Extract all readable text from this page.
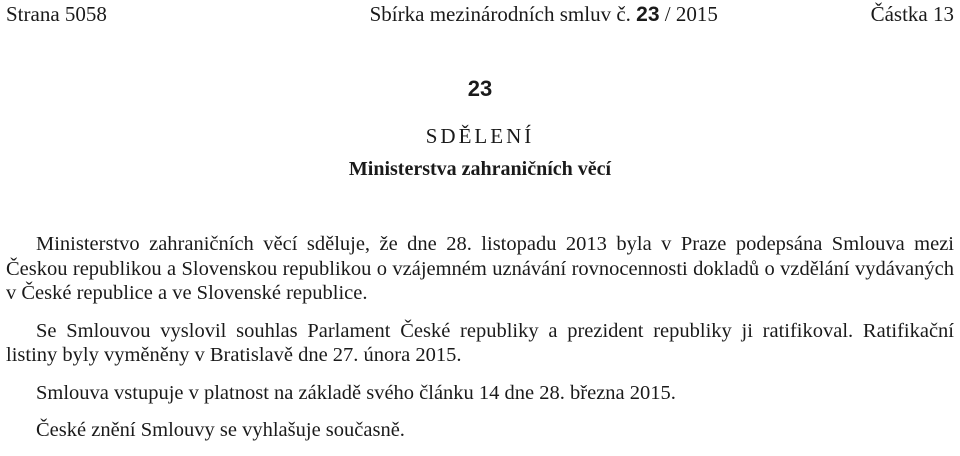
Strana 5058	Sbírka mezinárodních smluv č. 23 / 2015	Částka 13
23
SDĚLENÍ
Ministerstva zahraničních věcí

Ministerstvo zahraničních věcí sděluje, že dne 28. listopadu 2013 byla v Praze podepsána Smlouva mezi Českou republikou a Slovenskou republikou o vzájemném uznávání rovnocennosti dokladů o vzdělání vydávaných v České republice a ve Slovenské republice.

Se Smlouvou vyslovil souhlas Parlament České republiky a prezident republiky ji ratifikoval. Ratifikační listiny byly vyměněny v Bratislavě dne 27. února 2015.

Smlouva vstupuje v platnost na základě svého článku 14 dne 28. března 2015.

České znění Smlouvy se vyhlašuje současně.
